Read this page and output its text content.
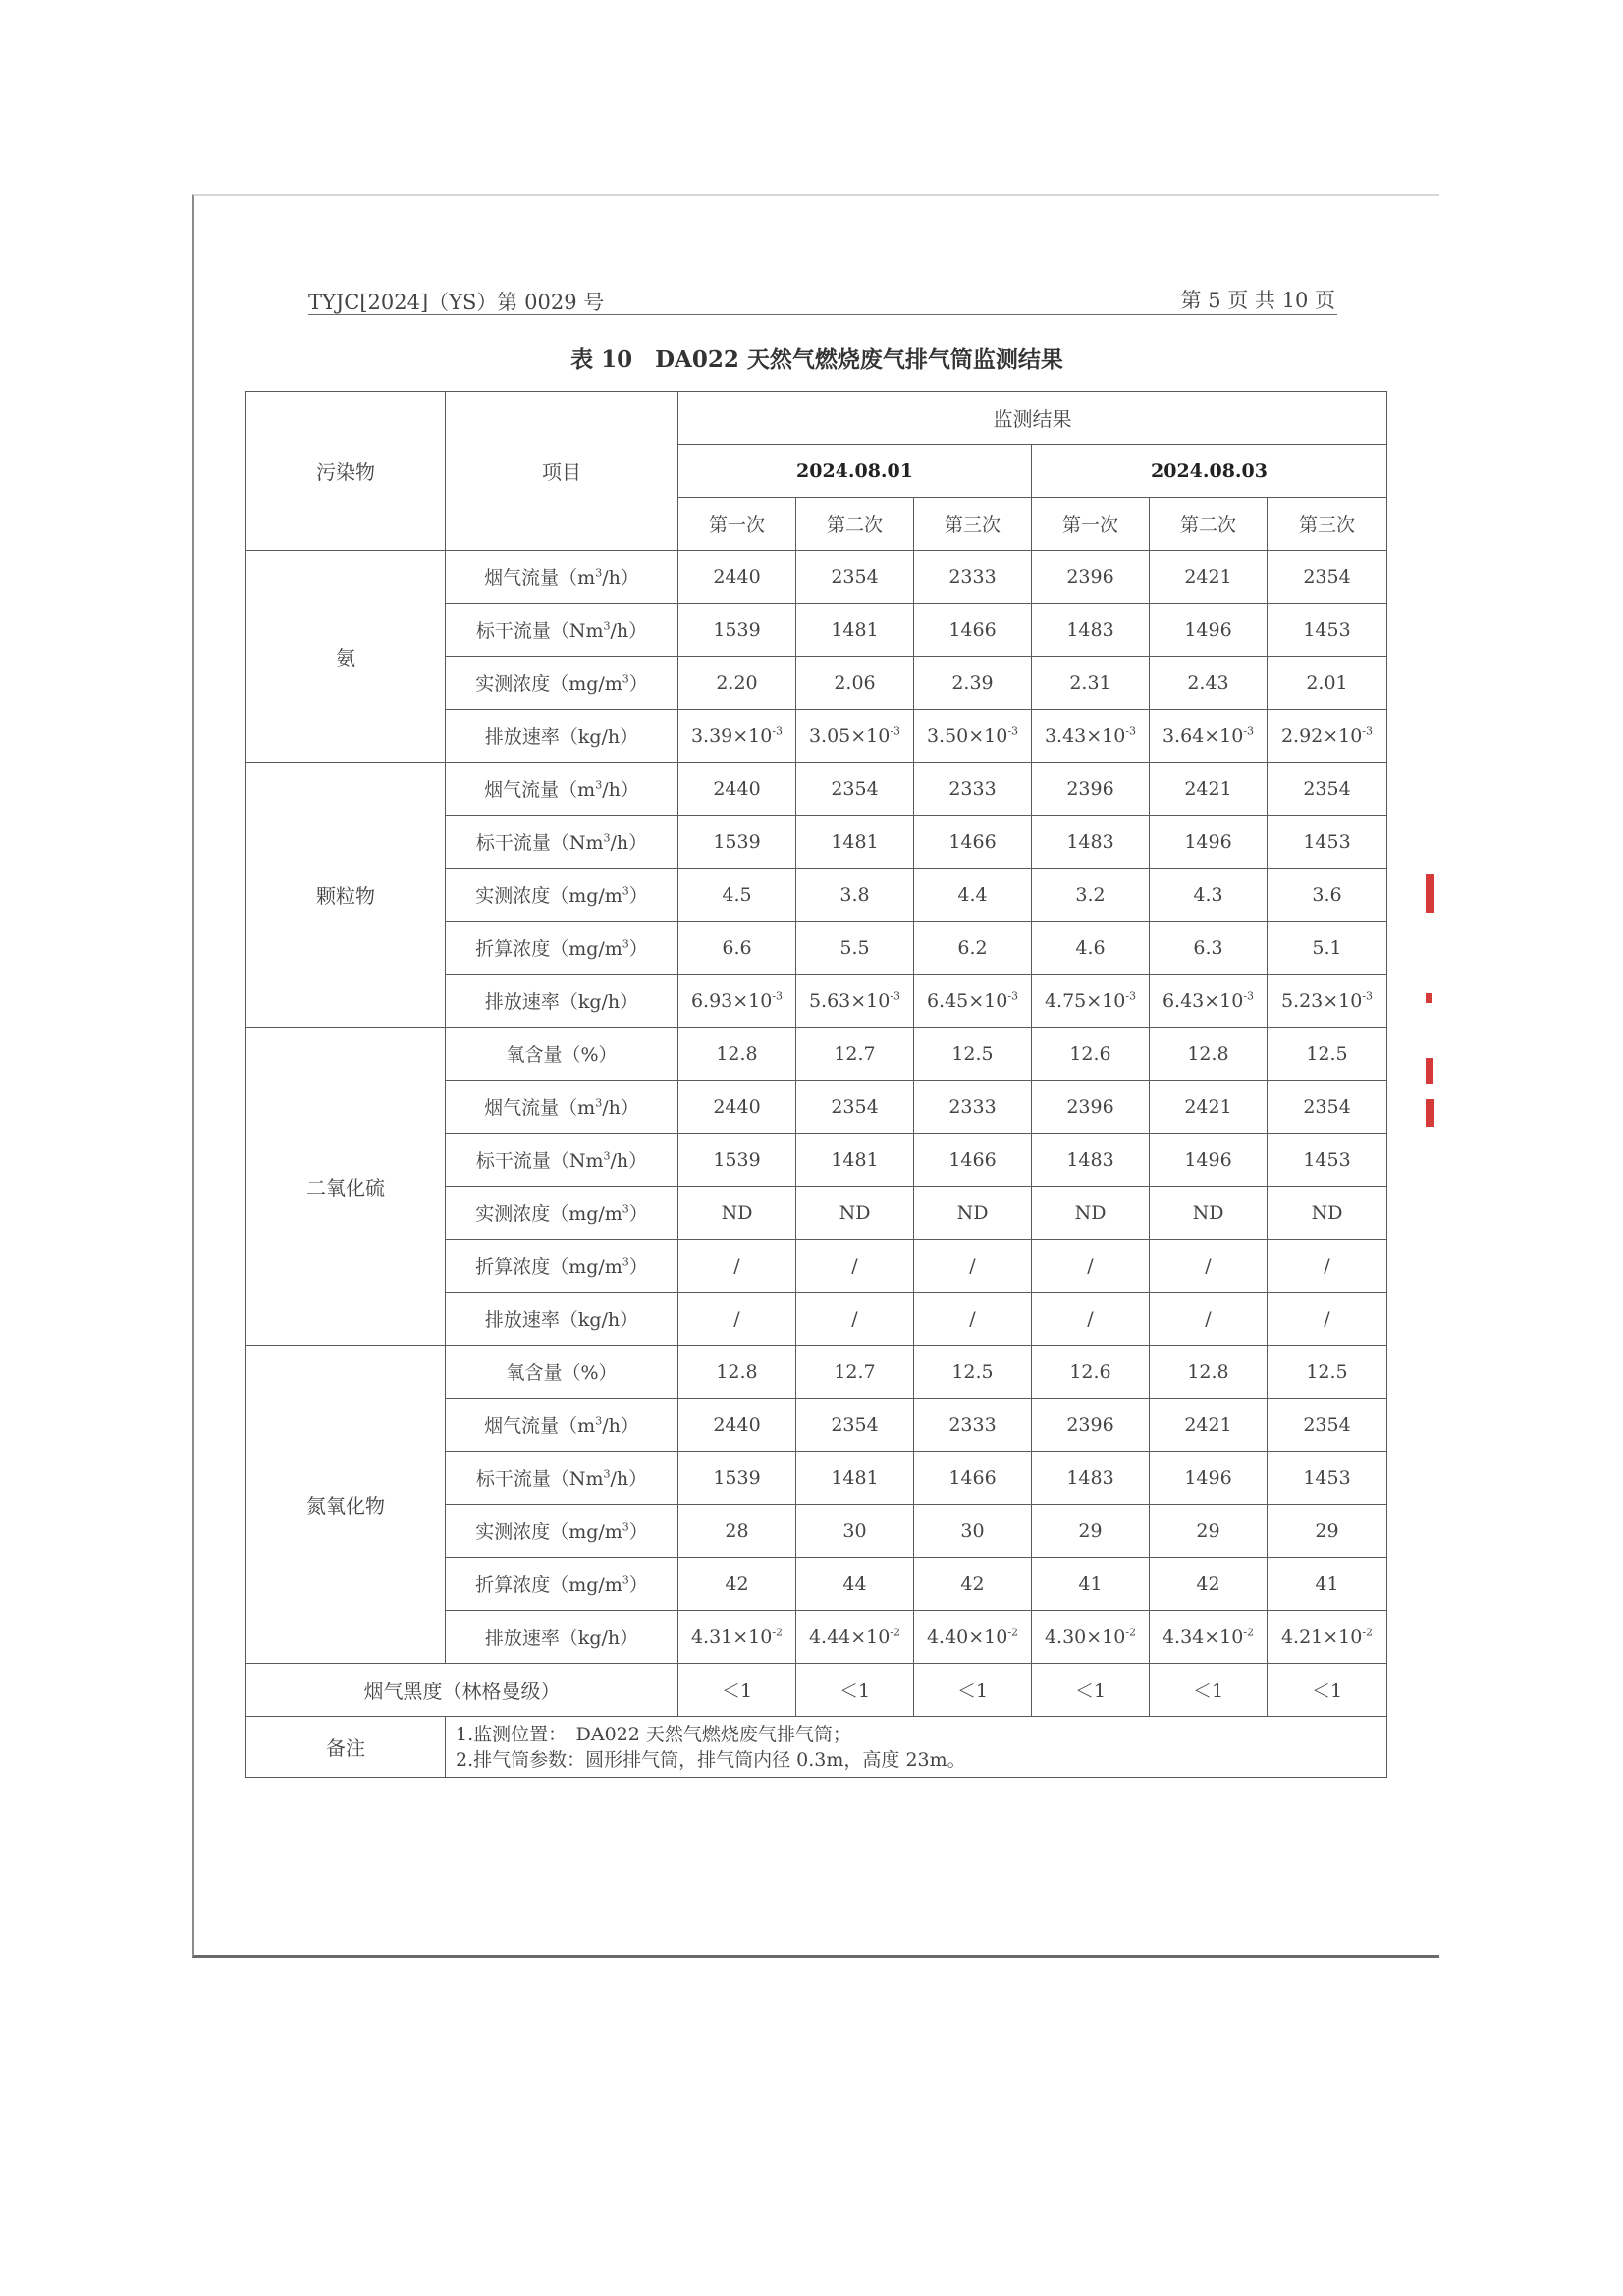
TYJC[2024]（YS）第 0029 号	第 5 页 共 10 页
表 10　DA022 天然气燃烧废气排气筒监测结果
污染物	项目	监测结果					
		2024.08.01			2024.08.03		
		第一次	第二次	第三次	第一次	第二次	第三次
氨	烟气流量$(m^3/h)$	2440	2354	2333	2396	2421	2354
	标干流量（Nm$^3$/h）	1539	1481	1466	1483	1496	1453
	实测浓度$(mg/m^3)$	2.20	2.06	2.39	2.31	2.43	2.01
	排放速率（kg/h）	$3.39\times 10^{-3}$	$3.05\times 10^{-3}$	$3.50\times 10^{-3}$	$3.43\times 10^{-3}$	$3.64\times 10^{-3}$	$2.92\times 10^{-3}$
颗粒物	烟气流量$(m^3/h)$	2440	2354	2333	2396	2421	2354
	标干流量（Nm$^3$/h）	1539	1481	1466	1483	1496	1453
	实测浓度$(mg/m^3)$	4.5	3.8	4.4	3.2	4.3	3.6
	折算浓度$(mg/m^3)$	6.6	5.5	6.2	4.6	6.3	5.1
	排放速率（kg/h）	$6.93\times 10^{-3}$	$5.63\times 10^{-3}$	$6.45\times 10^{-3}$	$4.75\times 10^{-3}$	$6.43\times 10^{-3}$	$5.23\times 10^{-3}$
二氧化硫	氧含量（%）	12.8	12.7	12.5	12.6	12.8	12.5
	烟气流量$(m^3/h)$	2440	2354	2333	2396	2421	2354
	标干流量（Nm$^3$/h）	1539	1481	1466	1483	1496	1453
	实测浓度$(mg/m^3)$	ND	ND	ND	ND	ND	ND
	折算浓度$(mg/m^3)$	/	/	/	/	/	/
	排放速率（kg/h）	/	/	/	/	/	/
氮氧化物	氧含量（%）	12.8	12.7	12.5	12.6	12.8	12.5
	烟气流量$(m^3/h)$	2440	2354	2333	2396	2421	2354
	标干流量（Nm$^3$/h）	1539	1481	1466	1483	1496	1453
	实测浓度$(mg/m^3)$	28	30	30	29	29	29
	折算浓度$(mg/m^3)$	42	44	42	41	42	41
	排放速率（kg/h）	$4.31\times 10^{-2}$	$4.44\times 10^{-2}$	$4.40\times 10^{-2}$	$4.30\times 10^{-2}$	$4.34\times 10^{-2}$	$4.21\times 10^{-2}$
烟气黑度（林格曼级）		＜1	＜1	＜1	＜1	＜1	＜1
备注	1.监测位置：　DA022 天然气燃烧废气排气筒；
2.排气筒参数：圆形排气筒，排气筒内径 0.3m，高度 23m。						
